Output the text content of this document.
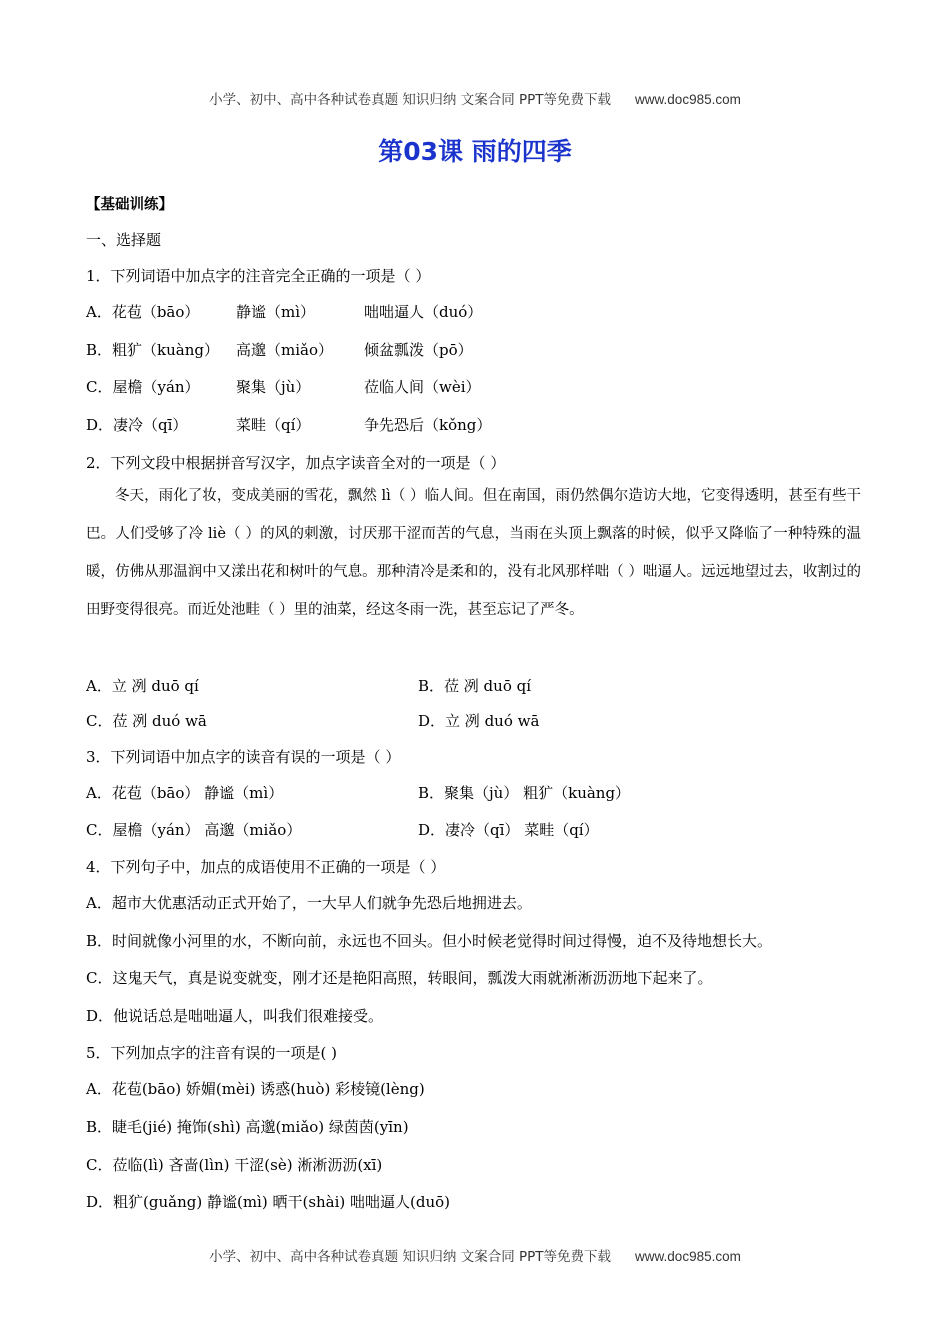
小学、初中、高中各种试卷真题 知识归纳 文案合同 PPT等免费下载 www.doc985.com
第03课 雨的四季
【基础训练】
一、选择题
1．下列词语中加点字的注音完全正确的一项是（ ）
A．花苞（bāo） 静谧（mì）	咄咄逼人（duó）
B．粗犷（kuàng） 高邈（miǎo） 倾盆瓢泼（pō）
C．屋檐（yán） 聚集（jù）	莅临人间（wèi）
D．凄冷（qī）	菜畦（qí）	争先恐后（kǒng）
2．下列文段中根据拼音写汉字，加点字读音全对的一项是（ ）
冬天，雨化了妆，变成美丽的雪花，飘然 lì（ ）临人间。但在南国，雨仍然偶尔造访大地，它变得透明，甚至有些干巴。人们受够了冷 liè（ ）的风的刺激，讨厌那干涩而苦的气息，当雨在头顶上飘落的时候，似乎又降临了一种特殊的温暖，仿佛从那温润中又漾出花和树叶的气息。那种清冷是柔和的，没有北风那样咄（ ）咄逼人。远远地望过去，收割过的田野变得很亮。而近处池畦（ ）里的油菜，经这冬雨一洗，甚至忘记了严冬。
A．立 冽 duō qí	B．莅 冽 duō qí
C．莅 冽 duó wā	D．立 冽 duó wā
3．下列词语中加点字的读音有误的一项是（ ）
A．花苞（bāo） 静谧（mì）	B．聚集（jù） 粗犷（kuàng）
C．屋檐（yán） 高邈（miǎo）	D．凄冷（qī） 菜畦（qí）
4．下列句子中，加点的成语使用不正确的一项是（ ）
A．超市大优惠活动正式开始了，一大早人们就争先恐后地拥进去。
B．时间就像小河里的水，不断向前，永远也不回头。但小时候老觉得时间过得慢，迫不及待地想长大。
C．这鬼天气，真是说变就变，刚才还是艳阳高照，转眼间，瓢泼大雨就淅淅沥沥地下起来了。
D．他说话总是咄咄逼人，叫我们很难接受。
5．下列加点字的注音有误的一项是( )
A．花苞(bāo) 娇媚(mèi) 诱惑(huò) 彩棱镜(lèng)
B．睫毛(jié) 掩饰(shì) 高邈(miǎo) 绿茵茵(yīn)
C．莅临(lì) 吝啬(lìn) 干涩(sè) 淅淅沥沥(xī)
D．粗犷(guǎng) 静谧(mì) 晒干(shài) 咄咄逼人(duō)
小学、初中、高中各种试卷真题 知识归纳 文案合同 PPT等免费下载 www.doc985.com
